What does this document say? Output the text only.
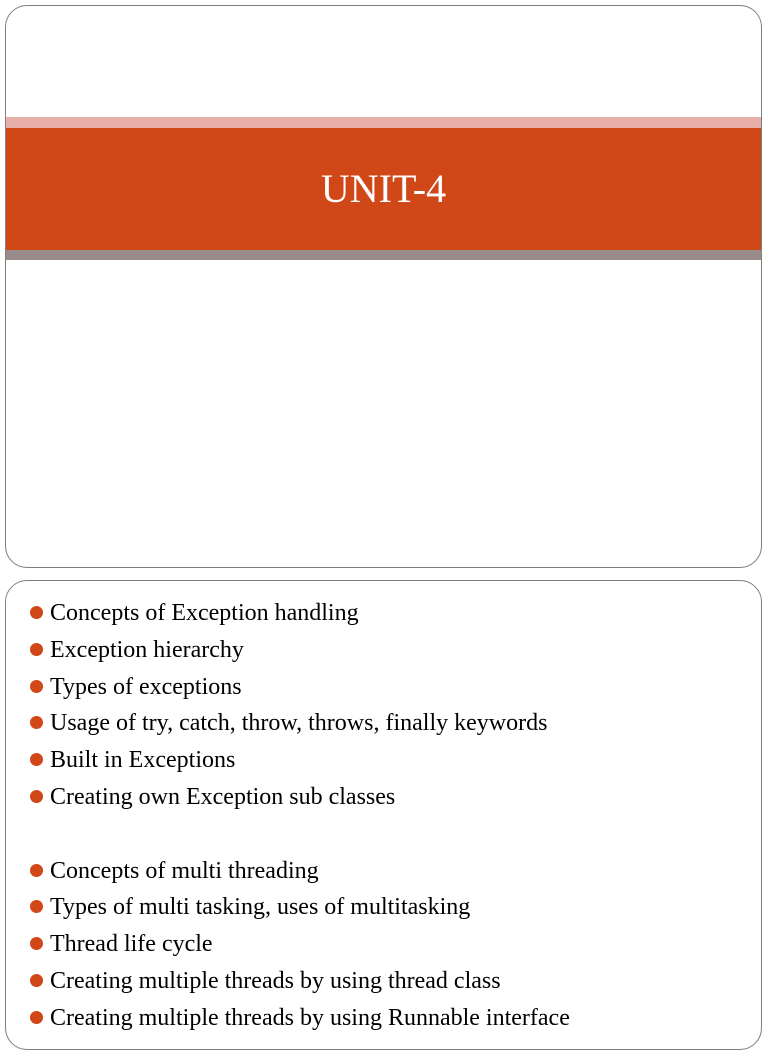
UNIT-4
Concepts of Exception handling
Exception hierarchy
Types of exceptions
Usage of try, catch, throw, throws, finally keywords
Built in Exceptions
Creating own Exception sub classes
Concepts of multi threading
Types of multi tasking, uses of multitasking
Thread life cycle
Creating multiple threads by using thread class
Creating multiple threads by using Runnable interface
